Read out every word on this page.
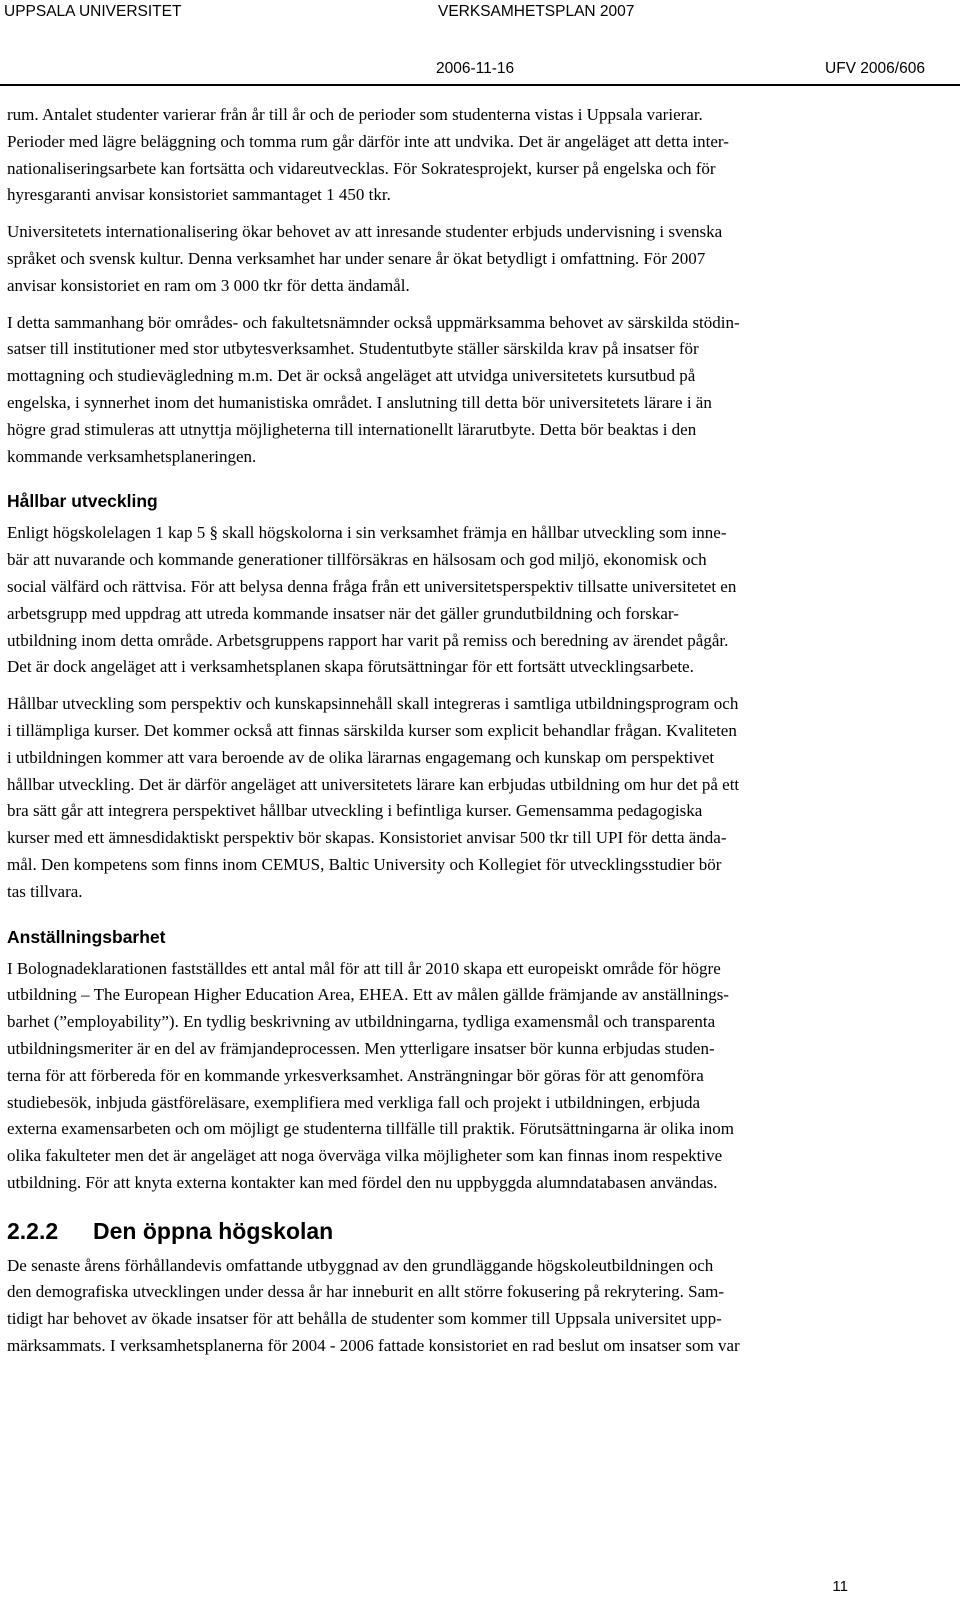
UPPSALA UNIVERSITET	VERKSAMHETSPLAN 2007
2006-11-16	UFV 2006/606
rum. Antalet studenter varierar från år till år och de perioder som studenterna vistas i Uppsala varierar.
Perioder med lägre beläggning och tomma rum går därför inte att undvika. Det är angeläget att detta inter-
nationaliseringsarbete kan fortsätta och vidareutvecklas. För Sokratesprojekt, kurser på engelska och för
hyresgaranti anvisar konsistoriet sammantaget 1 450 tkr.
Universitetets internationalisering ökar behovet av att inresande studenter erbjuds undervisning i svenska
språket och svensk kultur. Denna verksamhet har under senare år ökat betydligt i omfattning. För 2007
anvisar konsistoriet en ram om 3 000 tkr för detta ändamål.
I detta sammanhang bör områdes- och fakultetsnämnder också uppmärksamma behovet av särskilda stödin-
satser till institutioner med stor utbytesverksamhet. Studentutbyte ställer särskilda krav på insatser för
mottagning och studievägledning m.m. Det är också angeläget att utvidga universitetets kursutbud på
engelska, i synnerhet inom det humanistiska området. I anslutning till detta bör universitetets lärare i än
högre grad stimuleras att utnyttja möjligheterna till internationellt lärarutbyte. Detta bör beaktas i den
kommande verksamhetsplaneringen.
Hållbar utveckling
Enligt högskolelagen 1 kap 5 § skall högskolorna i sin verksamhet främja en hållbar utveckling som inne-
bär att nuvarande och kommande generationer tillförsäkras en hälsosam och god miljö, ekonomisk och
social välfärd och rättvisa. För att belysa denna fråga från ett universitetsperspektiv tillsatte universitetet en
arbetsgrupp med uppdrag att utreda kommande insatser när det gäller grundutbildning och forskar-
utbildning inom detta område. Arbetsgruppens rapport har varit på remiss och beredning av ärendet pågår.
Det är dock angeläget att i verksamhetsplanen skapa förutsättningar för ett fortsätt utvecklingsarbete.
Hållbar utveckling som perspektiv och kunskapsinnehåll skall integreras i samtliga utbildningsprogram och
i tillämpliga kurser. Det kommer också att finnas särskilda kurser som explicit behandlar frågan. Kvaliteten
i utbildningen kommer att vara beroende av de olika lärarnas engagemang och kunskap om perspektivet
hållbar utveckling. Det är därför angeläget att universitetets lärare kan erbjudas utbildning om hur det på ett
bra sätt går att integrera perspektivet hållbar utveckling i befintliga kurser. Gemensamma pedagogiska
kurser med ett ämnesdidaktiskt perspektiv bör skapas. Konsistoriet anvisar 500 tkr till UPI för detta ända-
mål. Den kompetens som finns inom CEMUS, Baltic University och Kollegiet för utvecklingsstudier bör
tas tillvara.
Anställningsbarhet
I Bolognadeklarationen fastställdes ett antal mål för att till år 2010 skapa ett europeiskt område för högre
utbildning – The European Higher Education Area, EHEA. Ett av målen gällde främjande av anställnings-
barhet (”employability”). En tydlig beskrivning av utbildningarna, tydliga examensmål och transparenta
utbildningsmeriter är en del av främjandeprocessen. Men ytterligare insatser bör kunna erbjudas studen-
terna för att förbereda för en kommande yrkesverksamhet. Ansträngningar bör göras för att genomföra
studiebesök, inbjuda gästföreläsare, exemplifiera med verkliga fall och projekt i utbildningen, erbjuda
externa examensarbeten och om möjligt ge studenterna tillfälle till praktik. Förutsättningarna är olika inom
olika fakulteter men det är angeläget att noga överväga vilka möjligheter som kan finnas inom respektive
utbildning. För att knyta externa kontakter kan med fördel den nu uppbyggda alumndatabasen användas.
2.2.2 Den öppna högskolan
De senaste årens förhållandevis omfattande utbyggnad av den grundläggande högskoleutbildningen och
den demografiska utvecklingen under dessa år har inneburit en allt större fokusering på rekrytering. Sam-
tidigt har behovet av ökade insatser för att behålla de studenter som kommer till Uppsala universitet upp-
märksammats. I verksamhetsplanerna för 2004 - 2006 fattade konsistoriet en rad beslut om insatser som var
11
